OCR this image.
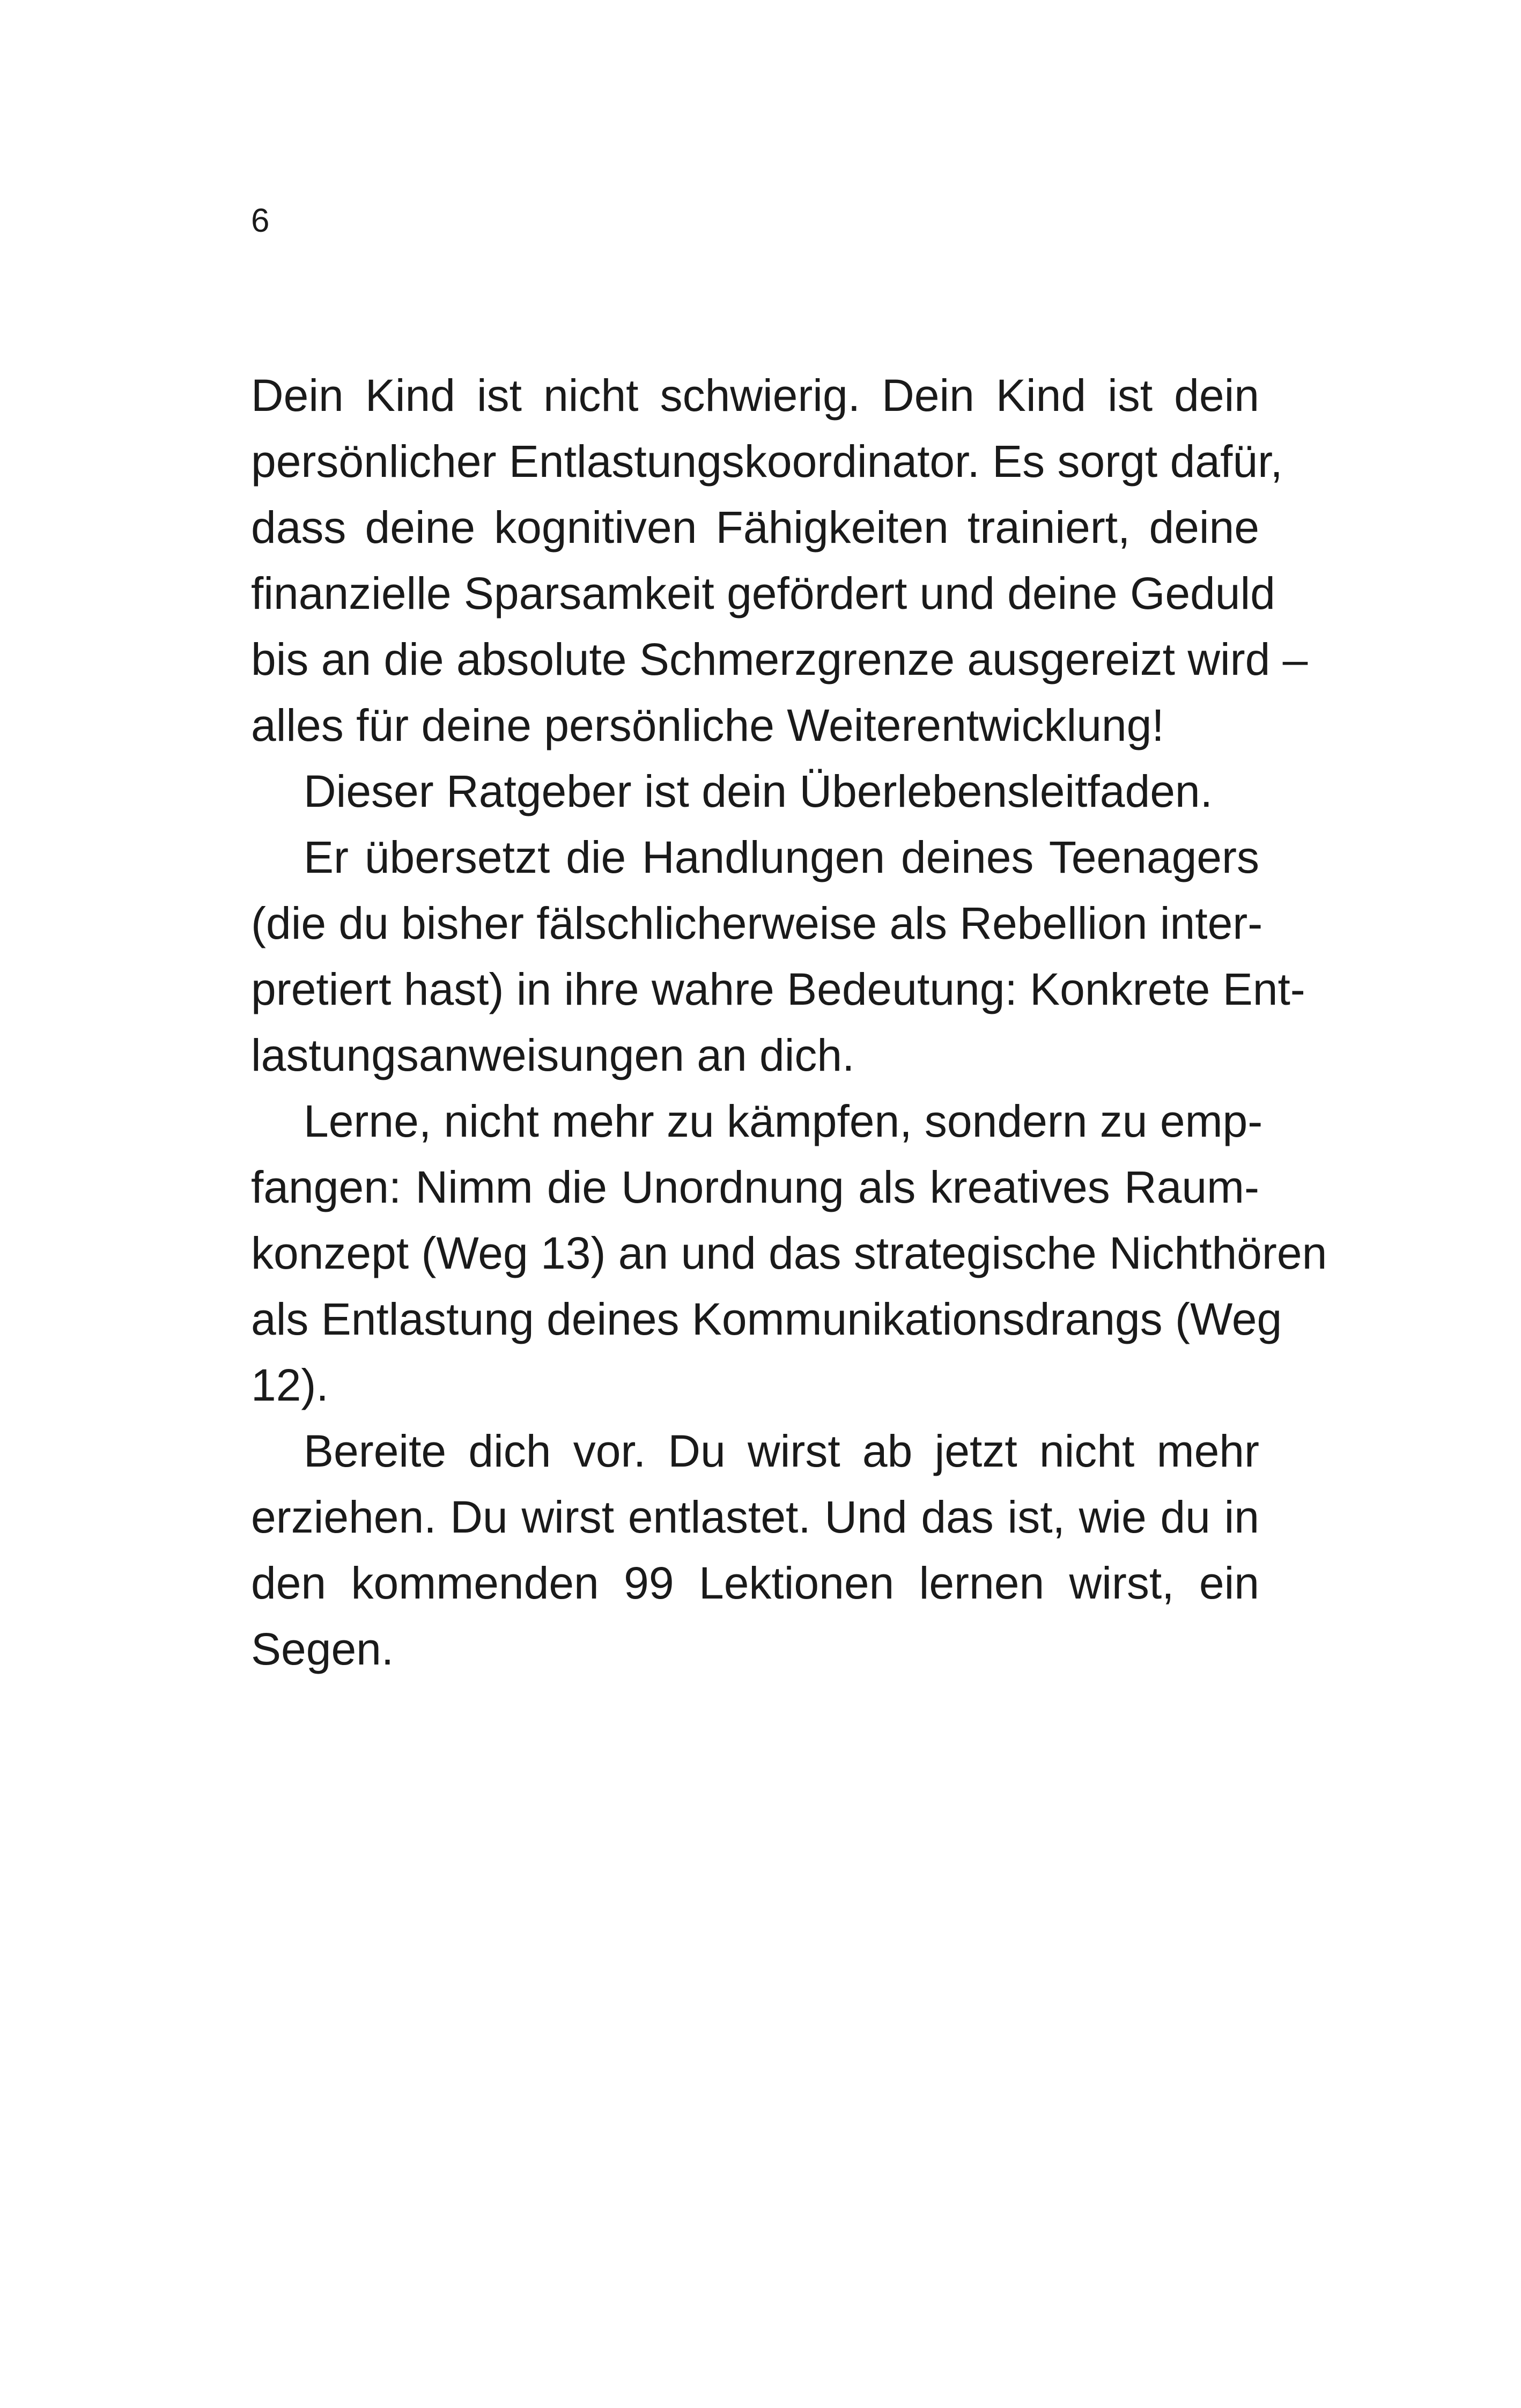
6
Dein Kind ist nicht schwierig. Dein Kind ist dein
persönlicher Entlastungskoordinator. Es sorgt dafür,
dass deine kognitiven Fähigkeiten trainiert, deine
finanzielle Sparsamkeit gefördert und deine Geduld
bis an die absolute Schmerzgrenze ausgereizt wird –
alles für deine persönliche Weiterentwicklung!
Dieser Ratgeber ist dein Überlebensleitfaden.
Er übersetzt die Handlungen deines Teenagers
(die du bisher fälschlicherweise als Rebellion inter-
pretiert hast) in ihre wahre Bedeutung: Konkrete Ent-
lastungsanweisungen an dich.
Lerne, nicht mehr zu kämpfen, sondern zu emp-
fangen: Nimm die Unordnung als kreatives Raum-
konzept (Weg 13) an und das strategische Nichthören
als Entlastung deines Kommunikationsdrangs (Weg
12).
Bereite dich vor. Du wirst ab jetzt nicht mehr
erziehen. Du wirst entlastet. Und das ist, wie du in
den kommenden 99 Lektionen lernen wirst, ein
Segen.
